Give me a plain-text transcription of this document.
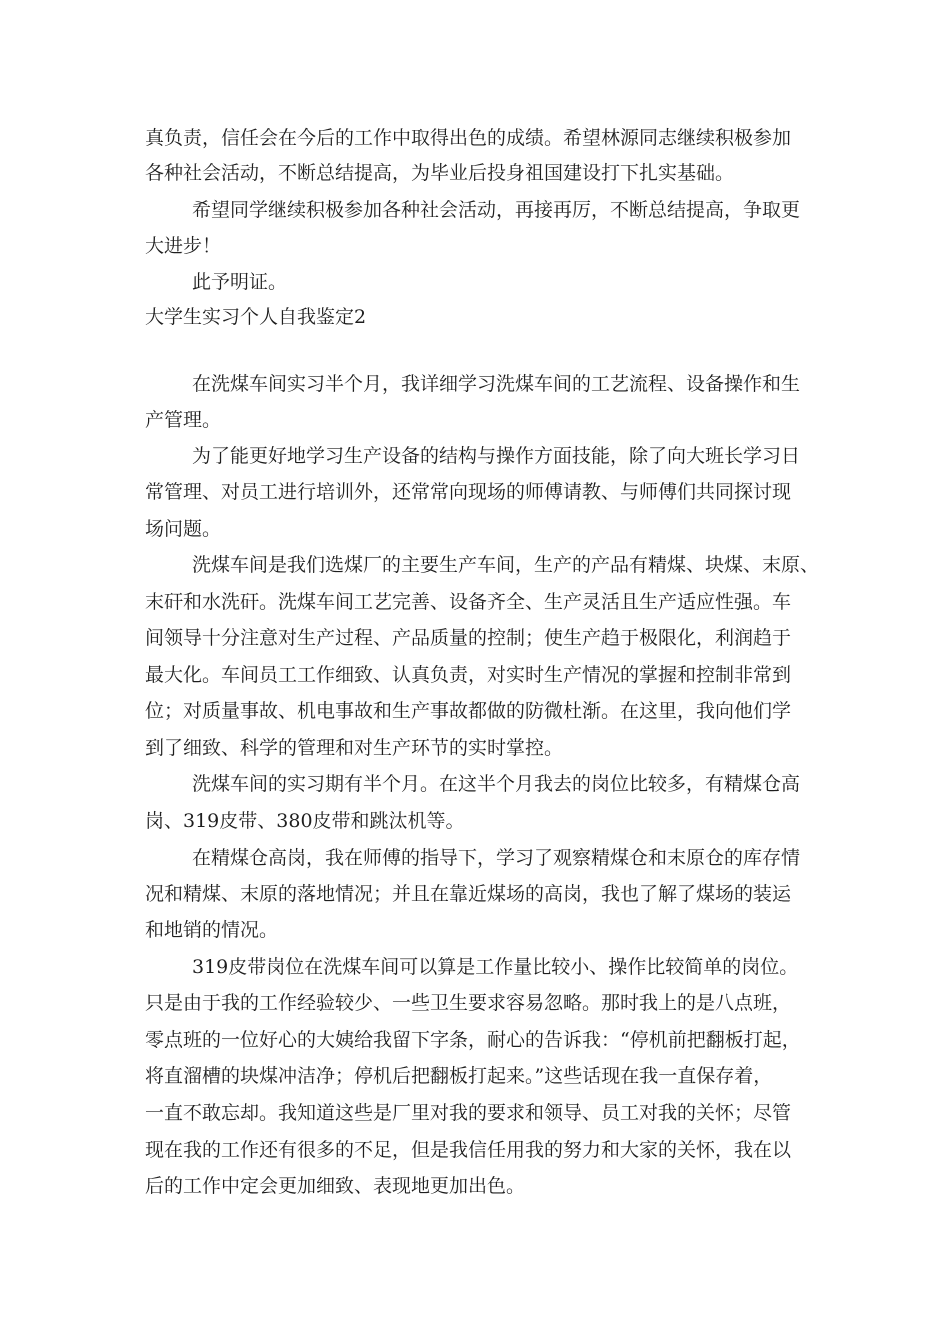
真负责，信任会在今后的工作中取得出色的成绩。希望林源同志继续积极参加

各种社会活动，不断总结提高，为毕业后投身祖国建设打下扎实基础。

希望同学继续积极参加各种社会活动，再接再厉，不断总结提高，争取更

大进步！

此予明证。

大学生实习个人自我鉴定2

在洗煤车间实习半个月，我详细学习洗煤车间的工艺流程、设备操作和生

产管理。

为了能更好地学习生产设备的结构与操作方面技能，除了向大班长学习日

常管理、对员工进行培训外，还常常向现场的师傅请教、与师傅们共同探讨现

场问题。

洗煤车间是我们选煤厂的主要生产车间，生产的产品有精煤、块煤、末原、

末矸和水洗矸。洗煤车间工艺完善、设备齐全、生产灵活且生产适应性强。车

间领导十分注意对生产过程、产品质量的控制；使生产趋于极限化，利润趋于

最大化。车间员工工作细致、认真负责，对实时生产情况的掌握和控制非常到

位；对质量事故、机电事故和生产事故都做的防微杜渐。在这里，我向他们学

到了细致、科学的管理和对生产环节的实时掌控。

洗煤车间的实习期有半个月。在这半个月我去的岗位比较多，有精煤仓高

岗、319皮带、380皮带和跳汰机等。

在精煤仓高岗，我在师傅的指导下，学习了观察精煤仓和末原仓的库存情

况和精煤、末原的落地情况；并且在靠近煤场的高岗，我也了解了煤场的装运

和地销的情况。

319皮带岗位在洗煤车间可以算是工作量比较小、操作比较简单的岗位。

只是由于我的工作经验较少、一些卫生要求容易忽略。那时我上的是八点班，

零点班的一位好心的大姨给我留下字条，耐心的告诉我：“停机前把翻板打起，

将直溜槽的块煤冲洁净；停机后把翻板打起来。”这些话现在我一直保存着，

一直不敢忘却。我知道这些是厂里对我的要求和领导、员工对我的关怀；尽管

现在我的工作还有很多的不足，但是我信任用我的努力和大家的关怀，我在以

后的工作中定会更加细致、表现地更加出色。
